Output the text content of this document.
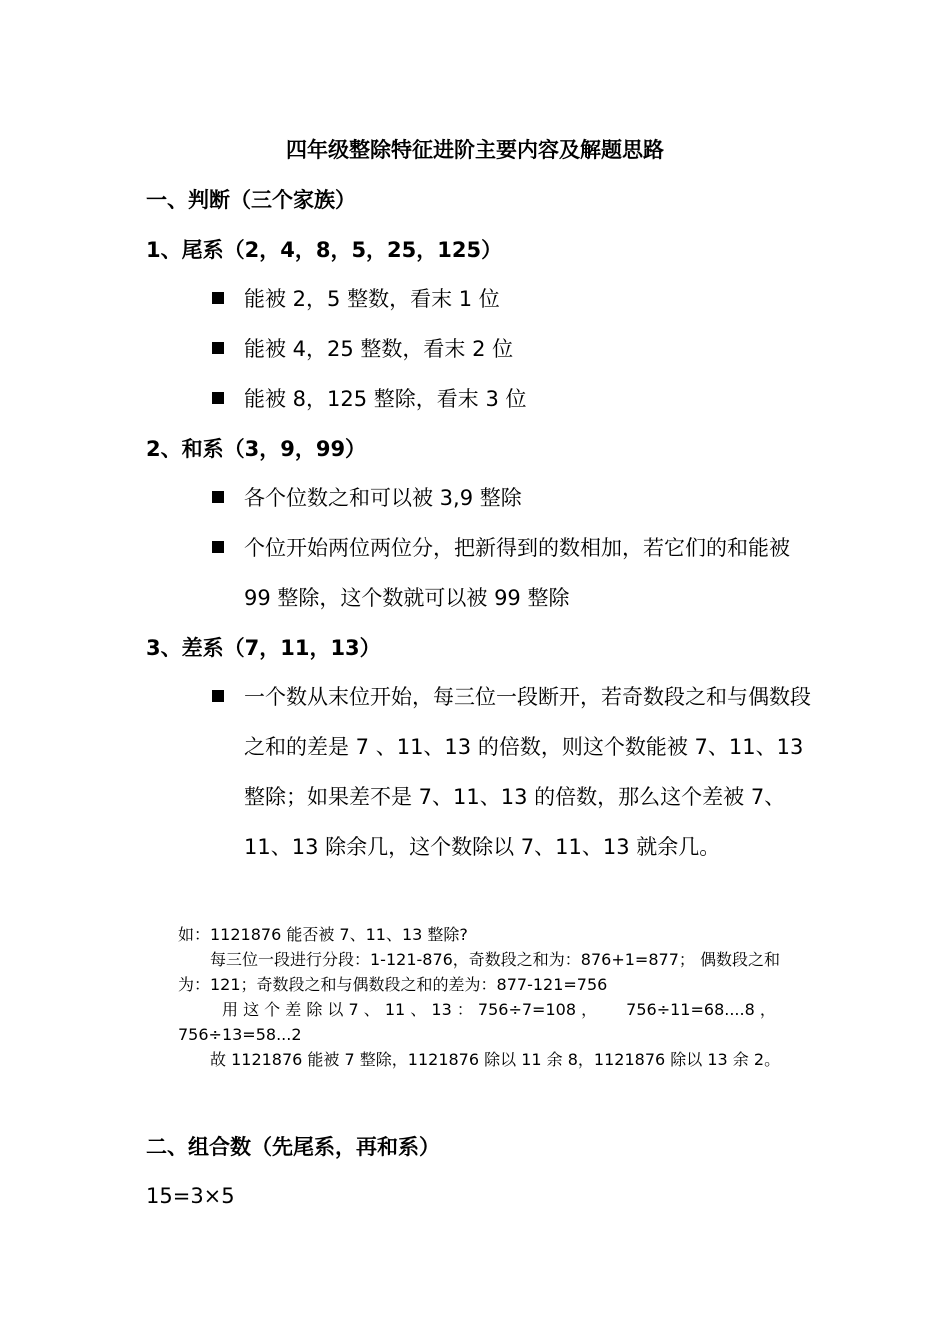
四年级整除特征进阶主要内容及解题思路
一、判断（三个家族）
1、尾系（2，4，8，5，25，125）
能被 2，5 整数，看末 1 位
能被 4，25 整数，看末 2 位
能被 8，125 整除，看末 3 位
2、和系（3，9，99）
各个位数之和可以被 3,9 整除
个位开始两位两位分，把新得到的数相加，若它们的和能被 99 整除，这个数就可以被 99 整除
3、差系（7，11，13）
一个数从末位开始，每三位一段断开，若奇数段之和与偶数段之和的差是 7 、11、13 的倍数，则这个数能被 7、11、13 整除；如果差不是 7、11、13 的倍数，那么这个差被 7、11、13 除余几，这个数除以 7、11、13 就余几。

如：1121876 能否被 7、11、13 整除?

每三位一段进行分段：1-121-876，奇数段之和为：876+1=877； 偶数段之和为：121；奇数段之和与偶数段之和的差为：877-121=756

用 这 个 差 除 以 7 、 11 、 13 ： 756÷7=108 ，　　 756÷11=68....8 ，756÷13=58...2

故 1121876 能被 7 整除，1121876 除以 11 余 8，1121876 除以 13 余 2。

二、组合数（先尾系，再和系）
15=3×5
